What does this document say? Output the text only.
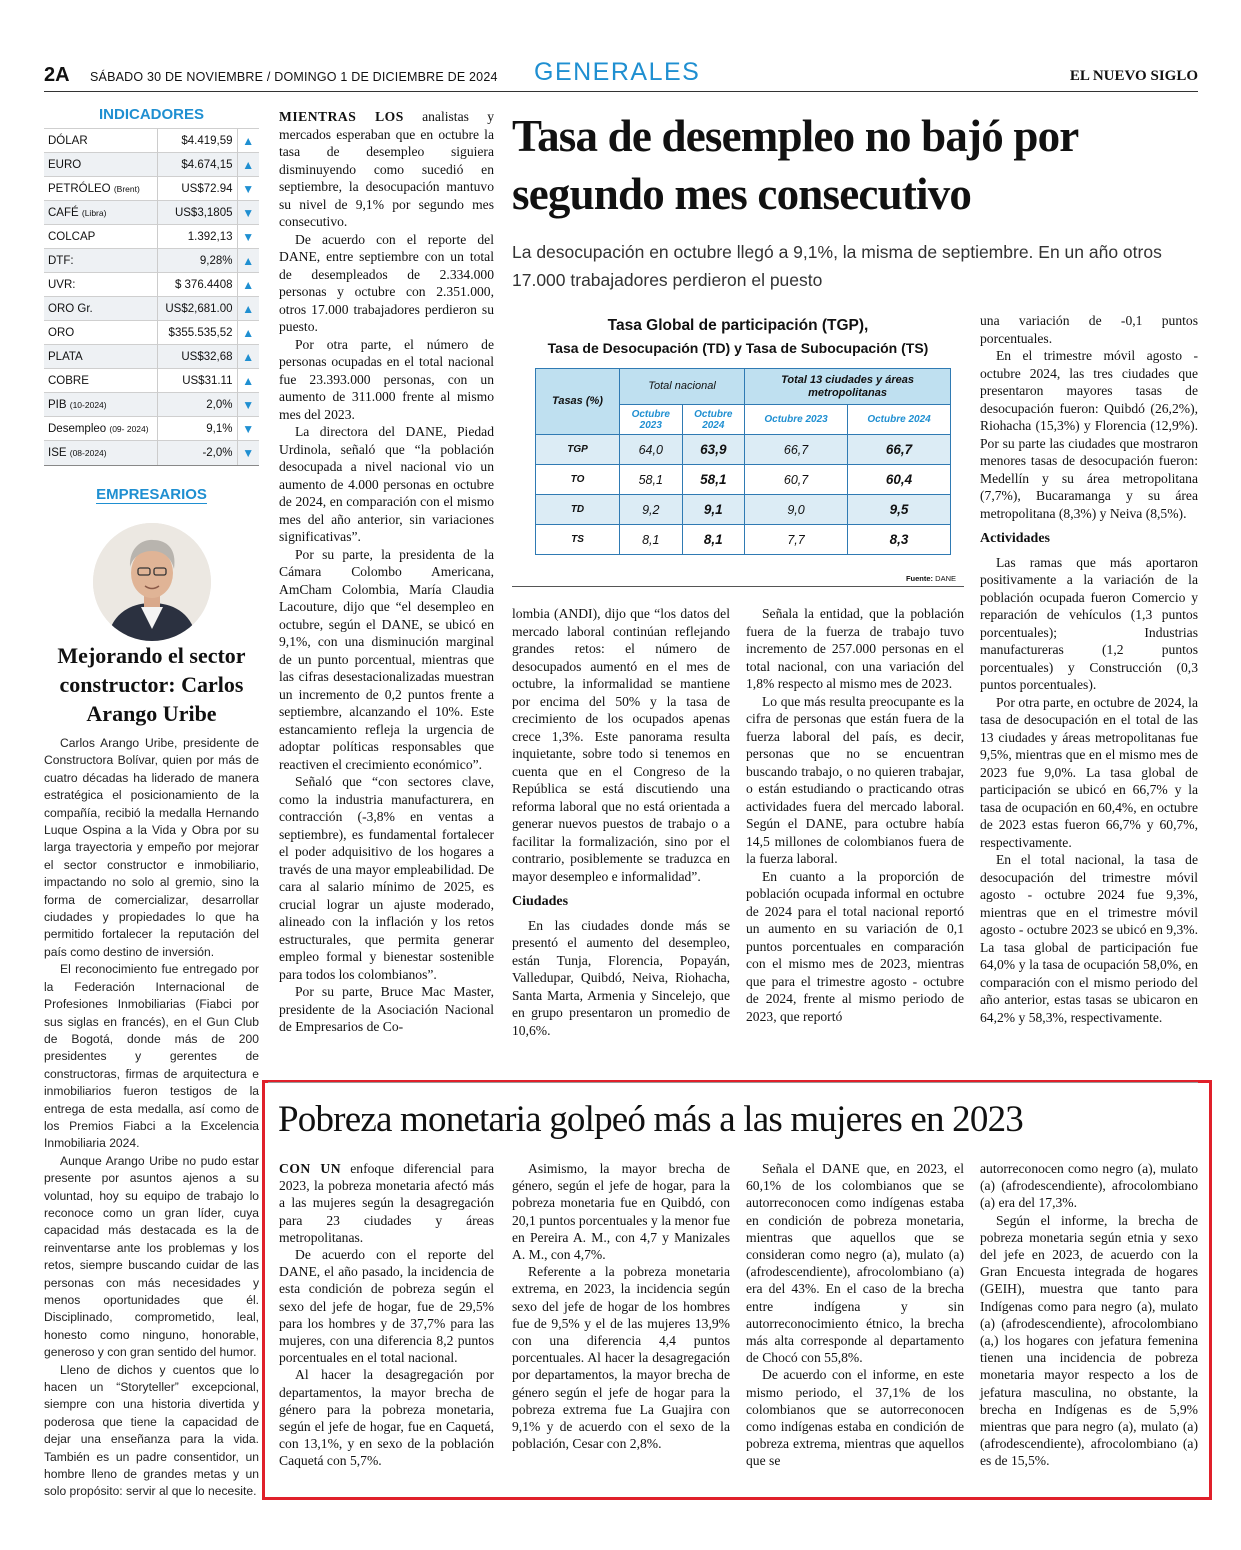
2A SÁBADO 30 DE NOVIEMBRE / DOMINGO 1 DE DICIEMBRE DE 2024 GENERALES	EL NUEVO SIGLO
INDICADORES
DÓLAR	$4.419,59	▲
EURO	$4.674,15	▲
PETRÓLEO (Brent)	US$72.94	▼
CAFÉ (Libra)	US$3,1805	▼
COLCAP	1.392,13	▼
DTF:	9,28%	▲
UVR:	$ 376.4408	▲
ORO Gr.	US$2,681.00	▲
ORO	$355.535,52	▲
PLATA	US$32,68	▲
COBRE	US$31.11	▲
PIB (10-2024)	2,0%	▼
Desempleo (09- 2024)	9,1%	▼
ISE (08-2024)	-2,0%	▼
EMPRESARIOS
Mejorando el sector constructor: Carlos Arango Uribe

Carlos Arango Uribe, presidente de Constructora Bolívar, quien por más de cuatro décadas ha liderado de manera estratégica el posicionamiento de la compañía, recibió la medalla Hernando Luque Ospina a la Vida y Obra por su larga trayectoria y empeño por mejorar el sector constructor e inmobiliario, impactando no solo al gremio, sino la forma de comercializar, desarrollar ciudades y propiedades lo que ha permitido fortalecer la reputación del país como destino de inversión.

El reconocimiento fue entregado por la Federación Internacional de Profesiones Inmobiliarias (Fiabci por sus siglas en francés), en el Gun Club de Bogotá, donde más de 200 presidentes y gerentes de constructoras, firmas de arquitectura e inmobiliarios fueron testigos de la entrega de esta medalla, así como de los Premios Fiabci a la Excelencia Inmobiliaria 2024.

Aunque Arango Uribe no pudo estar presente por asuntos ajenos a su voluntad, hoy su equipo de trabajo lo reconoce como un gran líder, cuya capacidad más destacada es la de reinventarse ante los problemas y los retos, siempre buscando cuidar de las personas con más necesidades y menos oportunidades que él. Disciplinado, comprometido, leal, honesto como ninguno, honorable, generoso y con gran sentido del humor.

Lleno de dichos y cuentos que lo hacen un “Storyteller” excepcional, siempre con una historia divertida y poderosa que tiene la capacidad de dejar una enseñanza para la vida. También es un padre consentidor, un hombre lleno de grandes metas y un solo propósito: servir al que lo necesite.

MIENTRAS LOS analistas y mercados esperaban que en octubre la tasa de desempleo siguiera disminuyendo como sucedió en septiembre, la desocupación mantuvo su nivel de 9,1% por segundo mes consecutivo.

De acuerdo con el reporte del DANE, entre septiembre con un total de desempleados de 2.334.000 personas y octubre con 2.351.000, otros 17.000 trabajadores perdieron su puesto.

Por otra parte, el número de personas ocupadas en el total nacional fue 23.393.000 personas, con un aumento de 311.000 frente al mismo mes del 2023.

La directora del DANE, Piedad Urdinola, señaló que “la población desocupada a nivel nacional vio un aumento de 4.000 personas en octubre de 2024, en comparación con el mismo mes del año anterior, sin variaciones significativas”.

Por su parte, la presidenta de la Cámara Colombo Americana, AmCham Colombia, María Claudia Lacouture, dijo que “el desempleo en octubre, según el DANE, se ubicó en 9,1%, con una disminución marginal de un punto porcentual, mientras que las cifras desestacionalizadas muestran un incremento de 0,2 puntos frente a septiembre, alcanzando el 10%. Este estancamiento refleja la urgencia de adoptar políticas responsables que reactiven el crecimiento económico”.

Señaló que “con sectores clave, como la industria manufacturera, en contracción (-3,8% en ventas a septiembre), es fundamental fortalecer el poder adquisitivo de los hogares a través de una mayor empleabilidad. De cara al salario mínimo de 2025, es crucial lograr un ajuste moderado, alineado con la inflación y los retos estructurales, que permita generar empleo formal y bienestar sostenible para todos los colombianos”.

Por su parte, Bruce Mac Master, presidente de la Asociación Nacional de Empresarios de Co-

Tasa de desempleo no bajó por segundo mes consecutivo
La desocupación en octubre llegó a 9,1%, la misma de septiembre. En un año otros 17.000 trabajadores perdieron el puesto
Tasa Global de participación (TGP),
Tasa de Desocupación (TD) y Tasa de Subocupación (TS)
Tasas (%)	Total nacional		Total 13 ciudades y áreas metropolitanas	
	Octubre 2023	Octubre 2024	Octubre 2023	Octubre 2024
TGP	64,0	63,9	66,7	66,7
TO	58,1	58,1	60,7	60,4
TD	9,2	9,1	9,0	9,5
TS	8,1	8,1	7,7	8,3
Fuente: DANE

lombia (ANDI), dijo que “los datos del mercado laboral continúan reflejando grandes retos: el número de desocupados aumentó en el mes de octubre, la informalidad se mantiene por encima del 50% y la tasa de crecimiento de los ocupados apenas crece 1,3%. Este panorama resulta inquietante, sobre todo si tenemos en cuenta que en el Congreso de la República se está discutiendo una reforma laboral que no está orientada a generar nuevos puestos de trabajo o a facilitar la formalización, sino por el contrario, posiblemente se traduzca en mayor desempleo e informalidad”.

Ciudades

En las ciudades donde más se presentó el aumento del desempleo, están Tunja, Florencia, Popayán, Valledupar, Quibdó, Neiva, Riohacha, Santa Marta, Armenia y Sincelejo, que en grupo presentaron un promedio de 10,6%.

Señala la entidad, que la población fuera de la fuerza de trabajo tuvo incremento de 257.000 personas en el total nacional, con una variación del 1,8% respecto al mismo mes de 2023.

Lo que más resulta preocupante es la cifra de personas que están fuera de la fuerza laboral del país, es decir, personas que no se encuentran buscando trabajo, o no quieren trabajar, o están estudiando o practicando otras actividades fuera del mercado laboral. Según el DANE, para octubre había 14,5 millones de colombianos fuera de la fuerza laboral.

En cuanto a la proporción de población ocupada informal en octubre de 2024 para el total nacional reportó un aumento en su variación de 0,1 puntos porcentuales en comparación con el mismo mes de 2023, mientras que para el trimestre agosto - octubre de 2024, frente al mismo periodo de 2023, que reportó

una variación de -0,1 puntos porcentuales.

En el trimestre móvil agosto - octubre 2024, las tres ciudades que presentaron mayores tasas de desocupación fueron: Quibdó (26,2%), Riohacha (15,3%) y Florencia (12,9%). Por su parte las ciudades que mostraron menores tasas de desocupación fueron: Medellín y su área metropolitana (7,7%), Bucaramanga y su área metropolitana (8,3%) y Neiva (8,5%).

Actividades

Las ramas que más aportaron positivamente a la variación de la población ocupada fueron Comercio y reparación de vehículos (1,3 puntos porcentuales); Industrias manufactureras (1,2 puntos porcentuales) y Construcción (0,3 puntos porcentuales).

Por otra parte, en octubre de 2024, la tasa de desocupación en el total de las 13 ciudades y áreas metropolitanas fue 9,5%, mientras que en el mismo mes de 2023 fue 9,0%. La tasa global de participación se ubicó en 66,7% y la tasa de ocupación en 60,4%, en octubre de 2023 estas fueron 66,7% y 60,7%, respectivamente.

En el total nacional, la tasa de desocupación del trimestre móvil agosto - octubre 2024 fue 9,3%, mientras que en el trimestre móvil agosto - octubre 2023 se ubicó en 9,3%. La tasa global de participación fue 64,0% y la tasa de ocupación 58,0%, en comparación con el mismo periodo del año anterior, estas tasas se ubicaron en 64,2% y 58,3%, respectivamente.

Pobreza monetaria golpeó más a las mujeres en 2023

CON UN enfoque diferencial para 2023, la pobreza monetaria afectó más a las mujeres según la desagregación para 23 ciudades y áreas metropolitanas.

De acuerdo con el reporte del DANE, el año pasado, la incidencia de esta condición de pobreza según el sexo del jefe de hogar, fue de 29,5% para los hombres y de 37,7% para las mujeres, con una diferencia 8,2 puntos porcentuales en el total nacional.

Al hacer la desagregación por departamentos, la mayor brecha de género para la pobreza monetaria, según el jefe de hogar, fue en Caquetá, con 13,1%, y en sexo de la población Caquetá con 5,7%.

Asimismo, la mayor brecha de género, según el jefe de hogar, para la pobreza monetaria fue en Quibdó, con 20,1 puntos porcentuales y la menor fue en Pereira A. M., con 4,7 y Manizales A. M., con 4,7%.

Referente a la pobreza monetaria extrema, en 2023, la incidencia según sexo del jefe de hogar de los hombres fue de 9,5% y el de las mujeres 13,9% con una diferencia 4,4 puntos porcentuales. Al hacer la desagregación por departamentos, la mayor brecha de género según el jefe de hogar para la pobreza extrema fue La Guajira con 9,1% y de acuerdo con el sexo de la población, Cesar con 2,8%.

Señala el DANE que, en 2023, el 60,1% de los colombianos que se autorreconocen como indígenas estaba en condición de pobreza monetaria, mientras que aquellos que se consideran como negro (a), mulato (a) (afrodescendiente), afrocolombiano (a) era del 43%. En el caso de la brecha entre indígena y sin autorreconocimiento étnico, la brecha más alta corresponde al departamento de Chocó con 55,8%.

De acuerdo con el informe, en este mismo periodo, el 37,1% de los colombianos que se autorreconocen como indígenas estaba en condición de pobreza extrema, mientras que aquellos que se

autorreconocen como negro (a), mulato (a) (afrodescendiente), afrocolombiano (a) era del 17,3%.

Según el informe, la brecha de pobreza monetaria según etnia y sexo del jefe en 2023, de acuerdo con la Gran Encuesta integrada de hogares (GEIH), muestra que tanto para Indígenas como para negro (a), mulato (a) (afrodescendiente), afrocolombiano (a,) los hogares con jefatura femenina tienen una incidencia de pobreza monetaria mayor respecto a los de jefatura masculina, no obstante, la brecha en Indígenas es de 5,9% mientras que para negro (a), mulato (a) (afrodescendiente), afrocolombiano (a) es de 15,5%.
